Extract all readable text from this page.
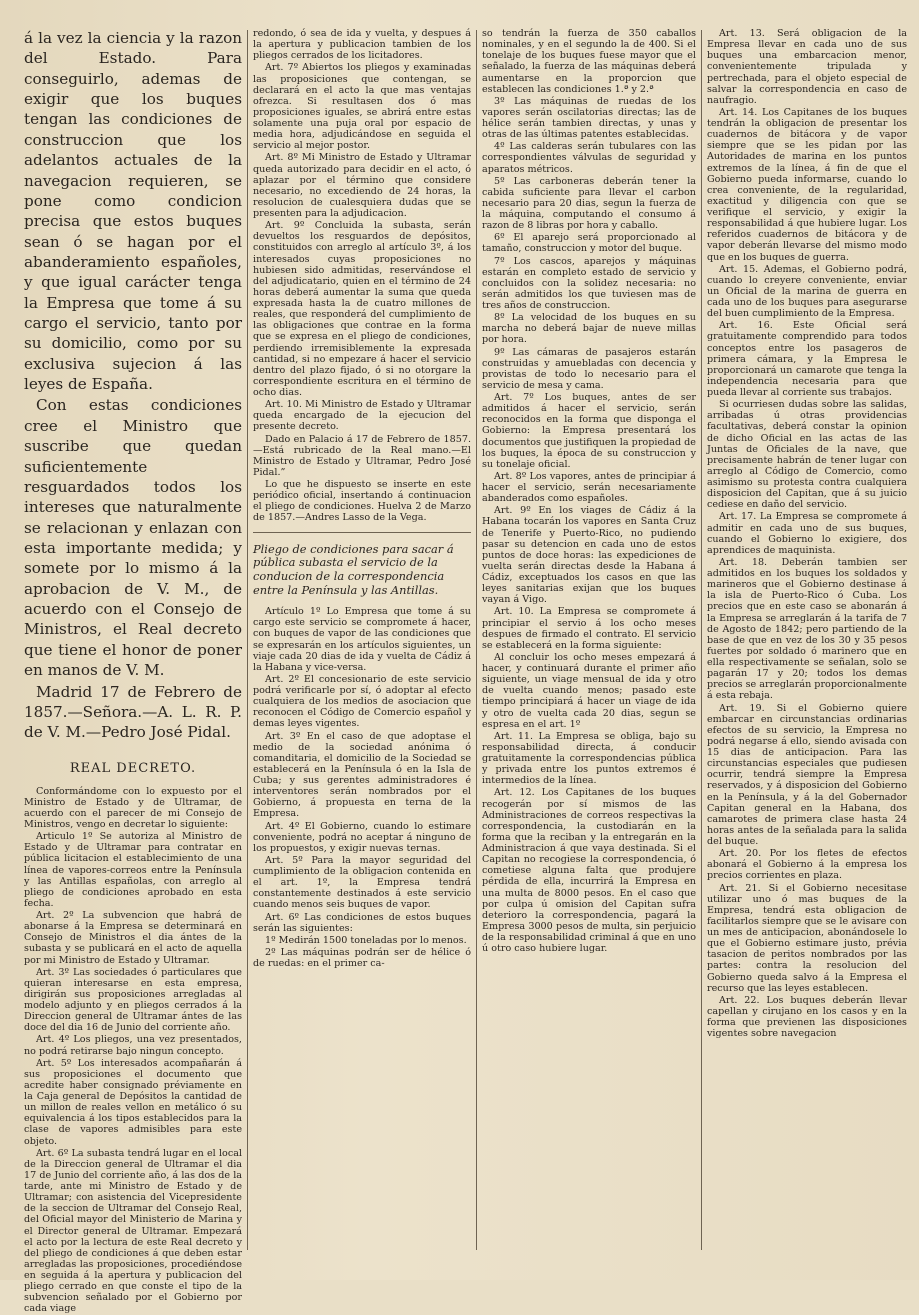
á la vez la ciencia y la razon del Estado. Para conseguirlo, ademas de exigir que los buques tengan las condiciones de construccion que los adelantos actuales de la navegacion requieren, se pone como condicion precisa que estos buques sean ó se hagan por el abanderamiento españoles, y que igual carácter tenga la Empresa que tome á su cargo el servicio, tanto por su domicilio, como por su exclusiva sujecion á las leyes de España.

Con estas condiciones cree el Ministro que suscribe que quedan suficientemente resguardados todos los intereses que naturalmente se relacionan y enlazan con esta importante medida; y somete por lo mismo á la aprobacion de V. M., de acuerdo con el Consejo de Ministros, el Real decreto que tiene el honor de poner en manos de V. M.

Madrid 17 de Febrero de 1857.—Señora.—A. L. R. P. de V. M.—Pedro José Pidal.

REAL DECRETO.

Conformándome con lo expuesto por el Ministro de Estado y de Ultramar, de acuerdo con el parecer de mi Consejo de Ministros, vengo en decretar lo siguiente:

Articulo 1º Se autoriza al Ministro de Estado y de Ultramar para contratar en pública licitacion el establecimiento de una línea de vapores-correos entre la Península y las Antillas españolas, con arreglo al pliego de condiciones aprobado en esta fecha.

Art. 2º La subvencion que habrá de abonarse á la Empresa se determinará en Consejo de Ministros el dia ántes de la subasta y se publicará en el acto de aquella por mi Ministro de Estado y Ultramar.

Art. 3º Las sociedades ó particulares que quieran interesarse en esta empresa, dirigirán sus proposiciones arregladas al modelo adjunto y en pliegos cerrados á la Direccion general de Ultramar ántes de las doce del dia 16 de Junio del corriente año.

Art. 4º Los pliegos, una vez presentados, no podrá retirarse bajo ningun concepto.

Art. 5º Los interesados acompañarán á sus proposiciones el documento que acredite haber consignado préviamente en la Caja general de Depósitos la cantidad de un millon de reales vellon en metálico ó su equivalencia á los tipos establecidos para la clase de vapores admisibles para este objeto.

Art. 6º La subasta tendrá lugar en el local de la Direccion general de Ultramar el dia 17 de Junio del corriente año, á las dos de la tarde, ante mi Ministro de Estado y de Ultramar; con asistencia del Vicepresidente de la seccion de Ultramar del Consejo Real, del Oficial mayor del Ministerio de Marina y el Director general de Ultramar. Empezará el acto por la lectura de este Real decreto y del pliego de condiciones á que deben estar arregladas las proposiciones, procediéndose en seguida á la apertura y publicacion del pliego cerrado en que conste el tipo de la subvencion señalado por el Gobierno por cada viage

redondo, ó sea de ida y vuelta, y despues á la apertura y publicacion tambien de los pliegos cerrados de los licitadores.

Art. 7º Abiertos los pliegos y examinadas las proposiciones que contengan, se declarará en el acto la que mas ventajas ofrezca. Si resultasen dos ó mas proposiciones iguales, se abrirá entre estas solamente una puja oral por espacio de media hora, adjudicándose en seguida el servicio al mejor postor.

Art. 8º Mi Ministro de Estado y Ultramar queda autorizado para decidir en el acto, ó aplazar por el término que considere necesario, no excediendo de 24 horas, la resolucion de cualesquiera dudas que se presenten para la adjudicacion.

Art. 9º Concluida la subasta, serán devueltos los resguardos de depósitos, constituidos con arreglo al artículo 3º, á los interesados cuyas proposiciones no hubiesen sido admitidas, reservándose el del adjudicatario, quien en el término de 24 horas deberá aumentar la suma que queda expresada hasta la de cuatro millones de reales, que responderá del cumplimiento de las obligaciones que contrae en la forma que se expresa en el pliego de condiciones, perdiendo irremisiblemente la expresada cantidad, si no empezare á hacer el servicio dentro del plazo fijado, ó si no otorgare la correspondiente escritura en el término de ocho dias.

Art. 10. Mi Ministro de Estado y Ultramar queda encargado de la ejecucion del presente decreto.

Dado en Palacio á 17 de Febrero de 1857.—Está rubricado de la Real mano.—El Ministro de Estado y Ultramar, Pedro José Pidal.”

Lo que he dispuesto se inserte en este periódico oficial, insertando á continuacion el pliego de condiciones. Huelva 2 de Marzo de 1857.—Andres Lasso de la Vega.

Pliego de condiciones para sacar á pública subasta el servicio de la conducion de la correspondencia entre la Península y las Antillas.

Artículo 1º Lo Empresa que tome á su cargo este servicio se compromete á hacer, con buques de vapor de las condiciones que se expresarán en los artículos siguientes, un viaje cada 20 dias de ida y vuelta de Cádiz á la Habana y vice-versa.

Art. 2º El concesionario de este servicio podrá verificarle por sí, ó adoptar al efecto cualquiera de los medios de asociacion que reconocen el Código de Comercio español y demas leyes vigentes.

Art. 3º En el caso de que adoptase el medio de la sociedad anónima ó comanditaria, el domicilio de la Sociedad se establecerá en la Península ó en la Isla de Cuba; y sus gerentes administradores é interventores serán nombrados por el Gobierno, á propuesta en terna de la Empresa.

Art. 4º El Gobierno, cuando lo estimare conveniente, podrá no aceptar á ninguno de los propuestos, y exigir nuevas ternas.

Art. 5º Para la mayor seguridad del cumplimiento de la obligacion contenida en el art. 1º, la Empresa tendrá constantemente destinados á este servicio cuando menos seis buques de vapor.

Art. 6º Las condiciones de estos buques serán las siguientes:

1º Medirán 1500 toneladas por lo menos.

2º Las máquinas podrán ser de hélice ó de ruedas: en el primer ca-

so tendrán la fuerza de 350 caballos nominales, y en el segundo la de 400. Si el tonelaje de los buques fuese mayor que el señalado, la fuerza de las máquinas deberá aumentarse en la proporcion que establecen las condiciones 1.ª y 2.ª

3º Las máquinas de ruedas de los vapores serán oscilatorias directas; las de hélice serán tambien directas, y unas y otras de las últimas patentes establecidas.

4º Las calderas serán tubulares con las correspondientes válvulas de seguridad y aparatos métricos.

5º Las carboneras deberán tener la cabida suficiente para llevar el carbon necesario para 20 dias, segun la fuerza de la máquina, computando el consumo á razon de 8 libras por hora y caballo.

6º El aparejo será proporcionado al tamaño, construccion y motor del buque.

7º Los cascos, aparejos y máquinas estarán en completo estado de servicio y concluidos con la solidez necesaria: no serán admitidos los que tuviesen mas de tres años de construccion.

8º La velocidad de los buques en su marcha no deberá bajar de nueve millas por hora.

9º Las cámaras de pasajeros estarán construidas y amuebladas con decencia y provistas de todo lo necesario para el servicio de mesa y cama.

Art. 7º Los buques, antes de ser admitidos á hacer el servicio, serán reconocidos en la forma que disponga el Gobierno: la Empresa presentará los documentos que justifiquen la propiedad de los buques, la época de su construccion y su tonelaje oficial.

Art. 8º Los vapores, antes de principiar á hacer el servicio, serán necesariamente abanderados como españoles.

Art. 9º En los viages de Cádiz á la Habana tocarán los vapores en Santa Cruz de Tenerife y Puerto-Rico, no pudiendo pasar su detencion en cada uno de estos puntos de doce horas: las expediciones de vuelta serán directas desde la Habana á Cádiz, exceptuados los casos en que las leyes sanitarias exijan que los buques vayan á Vigo.

Art. 10. La Empresa se compromete á principiar el servio á los ocho meses despues de firmado el contrato. El servicio se establecerá en la forma siguiente:

Al concluir los ocho meses empezará á hacer, y continuará durante el primer año siguiente, un viage mensual de ida y otro de vuelta cuando menos; pasado este tiempo principiará á hacer un viage de ida y otro de vuelta cada 20 dias, segun se espresa en el art. 1º

Art. 11. La Empresa se obliga, bajo su responsabilidad directa, á conducir gratuitamente la correspondencias pública y privada entre los puntos extremos é intermedios de la línea.

Art. 12. Los Capitanes de los buques recogerán por sí mismos de las Administraciones de correos respectivas la correspondencia, la custodiarán en la forma que la reciban y la entregarán en la Administracion á que vaya destinada. Si el Capitan no recogiese la correspondencia, ó cometiese alguna falta que produjere pérdida de ella, incurrirá la Empresa en una multa de 8000 pesos. En el caso que por culpa ú omision del Capitan sufra deterioro la correspondencia, pagará la Empresa 3000 pesos de multa, sin perjuicio de la responsabilidad criminal á que en uno ú otro caso hubiere lugar.

Art. 13. Será obligacion de la Empresa llevar en cada uno de sus buques una embarcacion menor, convenientemente tripulada y pertrechada, para el objeto especial de salvar la correspondencia en caso de naufragio.

Art. 14. Los Capitanes de los buques tendrán la obligacion de presentar los cuadernos de bitácora y de vapor siempre que se les pidan por las Autoridades de marina en los puntos extremos de la línea, á fin de que el Gobierno pueda informarse, cuando lo crea conveniente, de la regularidad, exactitud y diligencia con que se verifique el servicio, y exigir la responsabilidad á que hubiere lugar. Los referidos cuadernos de bitácora y de vapor deberán llevarse del mismo modo que en los buques de guerra.

Art. 15. Ademas, el Gobierno podrá, cuando lo creyere conveniente, enviar un Oficial de la marina de guerra en cada uno de los buques para asegurarse del buen cumplimiento de la Empresa.

Art. 16. Este Oficial será gratuitamente comprendido para todos conceptos entre los pasageros de primera cámara, y la Empresa le proporcionará un camarote que tenga la independencia necesaria para que pueda llevar al corriente sus trabajos.

Si ocurriesen dudas sobre las salidas, arribadas ú otras providencias facultativas, deberá constar la opinion de dicho Oficial en las actas de las Juntas de Oficiales de la nave, que precisamente habrán de tener lugar con arreglo al Código de Comercio, como asimismo su protesta contra cualquiera disposicion del Capitan, que á su juicio cediese en daño del servicio.

Art. 17. La Empresa se compromete á admitir en cada uno de sus buques, cuando el Gobierno lo exigiere, dos aprendices de maquinista.

Art. 18. Deberán tambien ser admitidos en los buques los soldados y marineros que el Gobierno destinase á la isla de Puerto-Rico ó Cuba. Los precios que en este caso se abonarán á la Empresa se arreglarán á la tarifa de 7 de Agosto de 1842; pero partiendo de la base de que en vez de los 30 y 35 pesos fuertes por soldado ó marinero que en ella respectivamente se señalan, solo se pagarán 17 y 20; todos los demas precios se arreglarán proporcionalmente á esta rebaja.

Art. 19. Si el Gobierno quiere embarcar en circunstancias ordinarias efectos de su servicio, la Empresa no podrá negarse á ello, siendo avisada con 15 dias de anticipacion. Para las circunstancias especiales que pudiesen ocurrir, tendrá siempre la Empresa reservados, y á disposicion del Gobierno en la Península, y á la del Gobernador Capitan general en la Habana, dos camarotes de primera clase hasta 24 horas antes de la señalada para la salida del buque.

Art. 20. Por los fletes de efectos abonará el Gobierno á la empresa los precios corrientes en plaza.

Art. 21. Si el Gobierno necesitase utilizar uno ó mas buques de la Empresa, tendrá esta obligacion de facilitarlos siempre que se le avisare con un mes de anticipacion, abonándosele lo que el Gobierno estimare justo, prévia tasacion de peritos nombrados por las partes: contra la resolucion del Gobierno queda salvo á la Empresa el recurso que las leyes establecen.

Art. 22. Los buques deberán llevar capellan y cirujano en los casos y en la forma que previenen las disposiciones vigentes sobre navegacion
